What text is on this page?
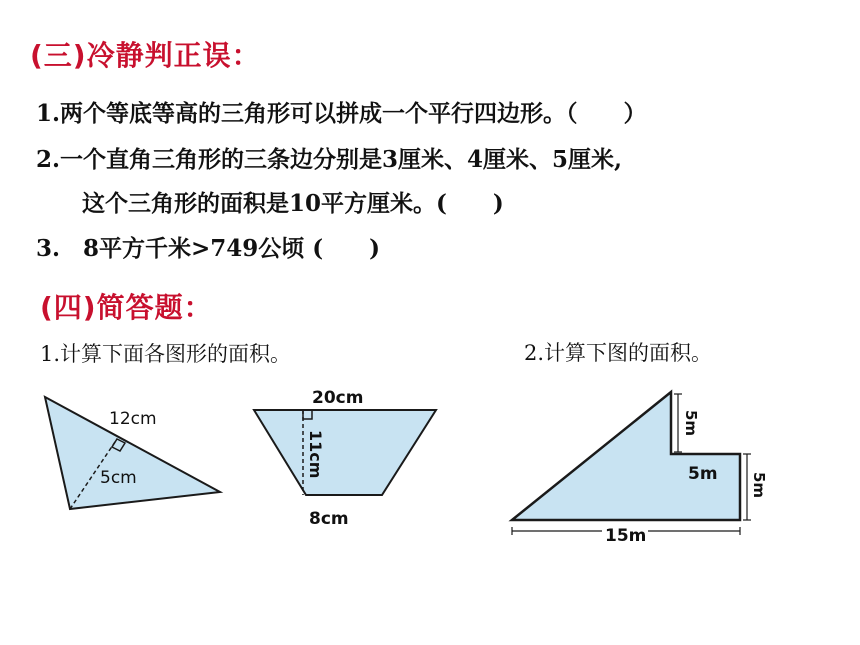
(三)冷静判正误：
1.两个等底等高的三角形可以拼成一个平行四边形。（　　）
2.一个直角三角形的三条边分别是3厘米、4厘米、5厘米,
这个三角形的面积是10平方厘米。(　　)
3.　8平方千米>749公顷 (　　)
(四)简答题：
1.计算下面各图形的面积。	2.计算下图的面积。
12cm
5cm
20cm
11cm
8cm
5m
5m 5m
15m
